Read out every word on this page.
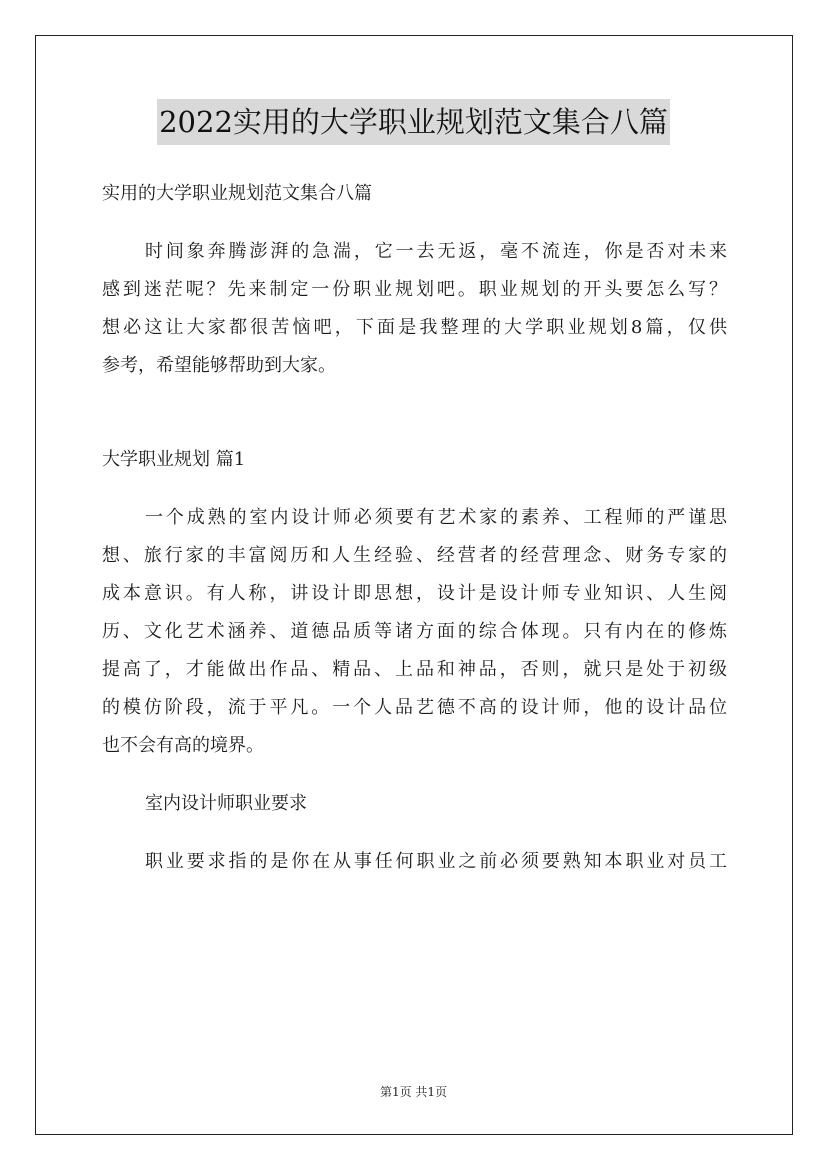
2022实用的大学职业规划范文集合八篇
实用的大学职业规划范文集合八篇
时间象奔腾澎湃的急湍，它一去无返，毫不流连，你是否对未来
感到迷茫呢？先来制定一份职业规划吧。职业规划的开头要怎么写？
想必这让大家都很苦恼吧，下面是我整理的大学职业规划8篇，仅供
参考，希望能够帮助到大家。
大学职业规划 篇1
一个成熟的室内设计师必须要有艺术家的素养、工程师的严谨思
想、旅行家的丰富阅历和人生经验、经营者的经营理念、财务专家的
成本意识。有人称，讲设计即思想，设计是设计师专业知识、人生阅
历、文化艺术涵养、道德品质等诸方面的综合体现。只有内在的修炼
提高了，才能做出作品、精品、上品和神品，否则，就只是处于初级
的模仿阶段，流于平凡。一个人品艺德不高的设计师，他的设计品位
也不会有高的境界。
室内设计师职业要求
职业要求指的是你在从事任何职业之前必须要熟知本职业对员工
第1页 共1页
